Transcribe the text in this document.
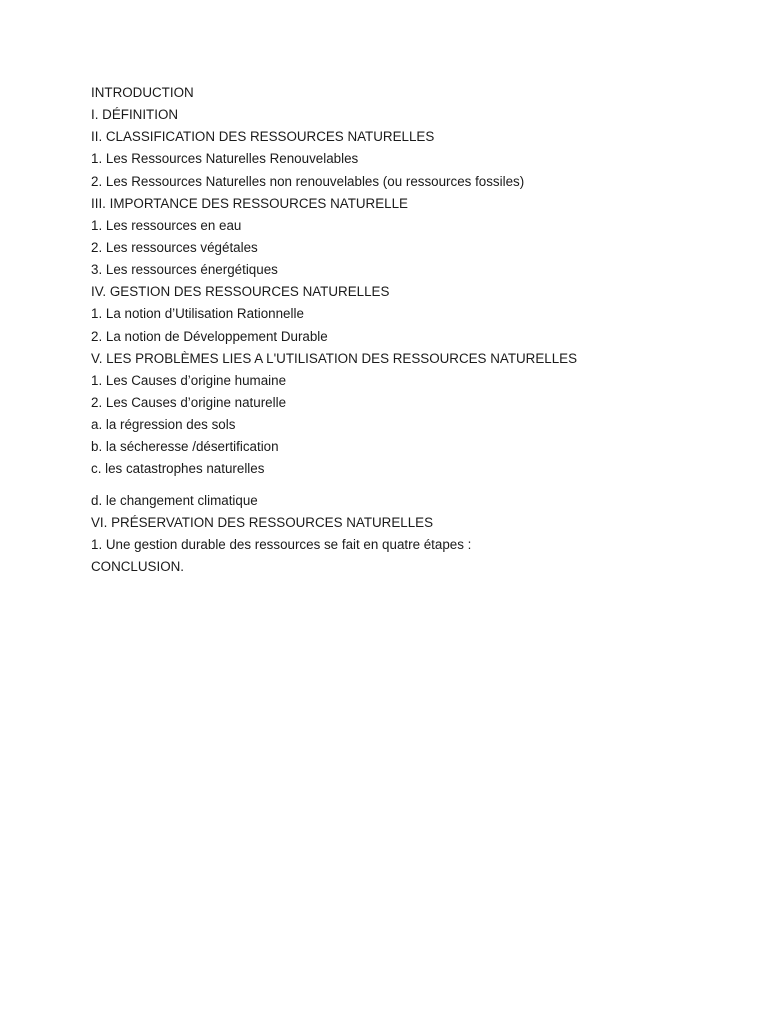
INTRODUCTION
I. DÉFINITION
II. CLASSIFICATION DES RESSOURCES NATURELLES
1. Les Ressources Naturelles Renouvelables
2. Les Ressources Naturelles non renouvelables (ou ressources fossiles)
III. IMPORTANCE DES RESSOURCES NATURELLE
1. Les ressources en eau
2. Les ressources végétales
3. Les ressources énergétiques
IV. GESTION DES RESSOURCES NATURELLES
1. La notion d’Utilisation Rationnelle
2. La notion de Développement Durable
V. LES PROBLÈMES LIES A L'UTILISATION DES RESSOURCES NATURELLES
1. Les Causes d’origine humaine
2. Les Causes d’origine naturelle
a. la régression des sols
b. la sécheresse /désertification
c. les catastrophes naturelles
d. le changement climatique
VI. PRÉSERVATION DES RESSOURCES NATURELLES
1. Une gestion durable des ressources se fait en quatre étapes :
CONCLUSION.
